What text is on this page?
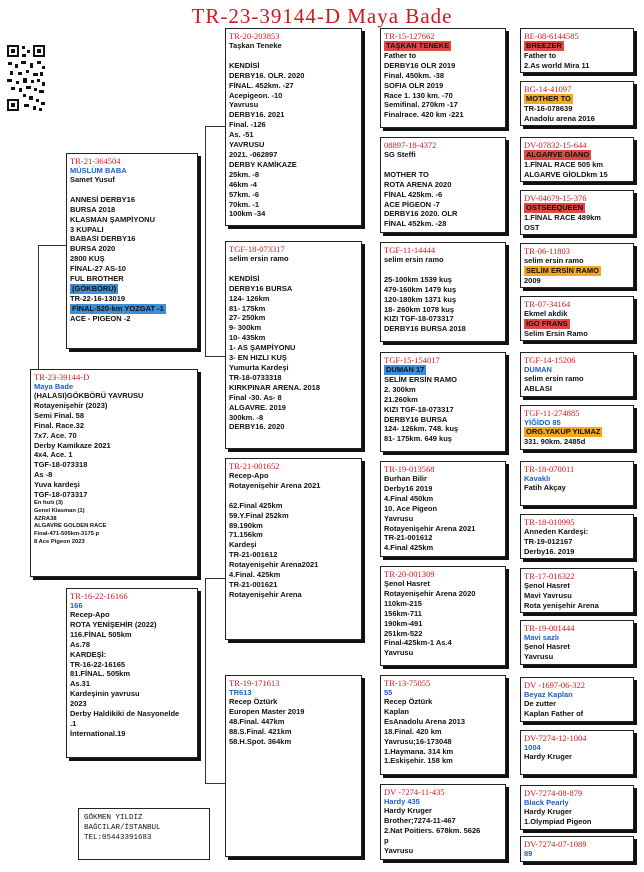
TR-23-39144-D Maya Bade
TR-23-39144-D
Maya Bade
(HALASI)GÖKBÖRÜ YAVRUSU
Rotayenişehir (2023)
Semi Final. 58
Final. Race.32
7x7. Ace. 70
Derby Kamikaze 2021
4x4. Ace. 1
TGF-18-073318
As -8
Yuva kardeşi
TGF-18-073317
En hızlı (3)
Genel Klasman (1)
AZRA38
ALGAVRE GOLDEN RACE
Final-471-505km-3175 p
8 Ace Pigeon 2023
TR-21-364504
MÜSLÜM BABA
Samet Yusuf

ANNESİ DERBY16
BURSA 2018
KLASMAN ŞAMPİYONU
3 KUPALI
BABASI DERBY16
BURSA 2020
2800 KUŞ
FİNAL-27 AS-10
FUL BROTHER
(GÖKBÖRÜ)
TR-22-16-13019
FİNAL-520-km YOZGAT -1
ACE - PIGEON -2
TR-16-22-16166
166
Recep-Apo
ROTA YENİŞEHİR (2022)
116.FİNAL 505km
As.78
KARDEŞİ:
TR-16-22-16165
81.FİNAL. 505km
As.31
Kardeşinin yavrusu
2023
Derby Haldikiki de Nasyonelde
.1
İnternational.19
TR-20-203853
Taşkan Teneke

KENDİSİ
DERBY16. OLR. 2020
FİNAL. 452km. -27
Acepigeon. -10
Yavrusu
DERBY16. 2021
Final. -126
As. -51
YAVRUSU
2021. -062897
DERBY KAMİKAZE
25km. -8
46km -4
57km. -6
70km. -1
100km -34
TGF-18-073317
selim ersin ramo

KENDİSİ
DERBY16 BURSA
124- 126km
81- 175km
27- 250km
9- 300km
10- 435km
1- AS ŞAMPİYONU
3- EN HIZLI KUŞ
Yumurta Kardeşi
TR-18-0733318
KIRKPINAR ARENA. 2018
Final -30. As- 8
ALGAVRE. 2019
300km. -8
DERBY16. 2020
TR-21-001652
Recep-Apo
Rotayenişehir Arena 2021

62.Final 425km
59.Y.Final 252km
89.190km
71.156km
Kardeşi
TR-21-001612
Rotayenişehir Arena2021
4.Final. 425km
TR-21-001621
Rotayenişehir Arena
TR-19-171613
TR613
Recep Öztürk
Europen Master 2019
48.Final. 447km
88.S.Final. 421km
58.H.Spot. 364km
TR-15-127662
TAŞKAN TENEKE
Father to
DERBY16 OLR 2019
Final. 450km. -38
SOFIA OLR 2019
Race 1. 130 km. -70
Semifinal. 270km -17
Finalrace. 420 km -221
08897-18-4372
SG Steffi

MOTHER TO
ROTA ARENA 2020
FİNAL 425km. -6
ACE PİGEON -7
DERBY16 2020. OLR
FİNAL 452km. -28
TGF-11-14444
selim ersin ramo

25-100km 1539 kuş
479-160km 1479 kuş
120-180km 1371 kuş
18- 260km 1078 kuş
KIZI TGF-18-073317
DERBY16 BURSA 2018
TGF-15-154017
DUMAN 17
SELİM ERSİN RAMO
2. 300km
21.260km
KIZI TGF-18-073317
DERBY16 BURSA
124- 126km. 748. kuş
81- 175km. 649 kuş
TR-19-013568
Burhan Bilir
Derby16 2019
4.Final 450km
10. Ace Pigeon
Yavrusu
Rotayenişehir Arena 2021
TR-21-001612
4.Final 425km
TR-20-001309
Şenol Hasret
Rotayenişehir Arena 2020
110km-215
156km-711
190km-491
251km-522
Final-425km-1 As.4
Yavrusu
TR-13-75055
55
Recep Öztürk
Kaplan
EsAnadolu Arena 2013
18.Final. 420 km
Yavrusu;16-173048
1.Haymana. 314 km
1.Eskişehir. 158 km
DV -7274-11-435
Hardy 435
Hardy Kruger
Brother;7274-11-467
2.Nat Poitiers. 678km. 5626
p
Yavrusu
BE-08-6144585
BREEZER
Father to
2.As world Mira 11
BG-14-41097
MOTHER TO
TR-16-078639
Anadolu arena 2016
DV-07832-15-644
ALGARVE GİANO
1.FİNAL RACE 505 km
ALGARVE GİOLDkm 15
DV-04679-15-376
OSTSEEQUEEN
1.FİNAL RACE 489km
OST
TR-06-11803
selim ersin ramo
SELİM ERSİN RAMO
2009
TR-07-34164
Ekmel akdik
İGO FRANS
Selim Ersin Ramo
TGF-14-15206
DUMAN
selim ersin ramo
ABLASI
TGF-11-274885
YİĞİDO 85
ORG.YAKUP YILMAZ
331. 90km. 2485d
TR-18-070011
Kavaklı
Fatih Akçay
TR-18-010995
Anneden Kardeşi:
TR-19-012167
Derby16. 2019
TR-17-016322
Şenol Hasret
Mavi Yavrusu
Rota yenişehir Arena
TR-19-001444
Mavi sazlı
Şenol Hasret
Yavrusu
DV -1697-06-322
Beyaz Kaplan
De zutter
Kaplan Father of
DV-7274-12-1004
1004
Hardy Kruger
DV-7274-08-879
Black Pearly
Hardy Kruger
1.Olympiad Pigeon
DV-7274-07-1089
89
GÖKMEN YILDIZ
BAĞCILAR/İSTANBUL
TEL:05443391683
